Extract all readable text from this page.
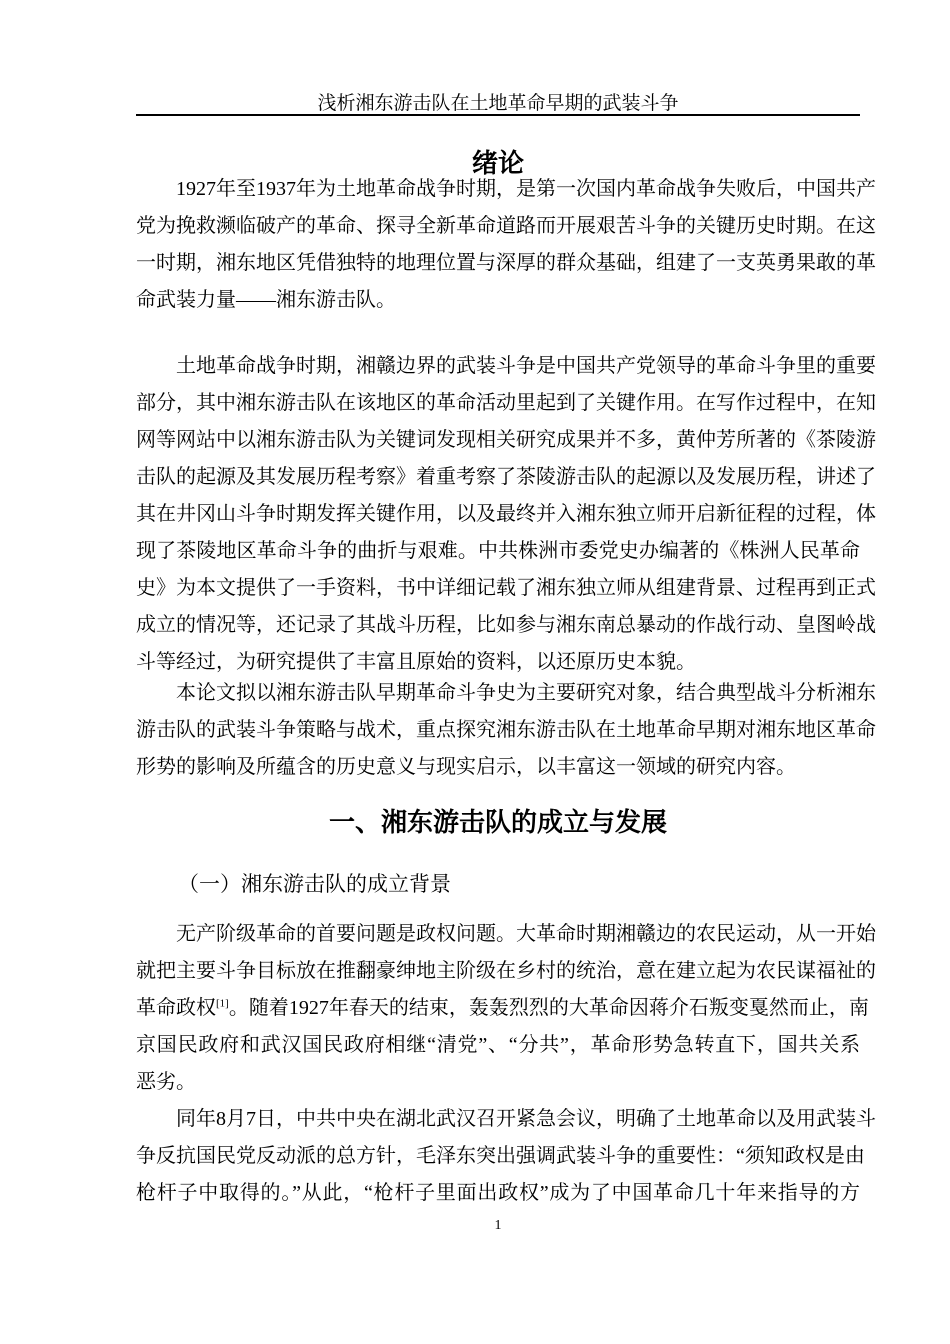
浅析湘东游击队在土地革命早期的武装斗争
绪论
1927年至1937年为土地革命战争时期，是第一次国内革命战争失败后，中国共产
党为挽救濒临破产的革命、探寻全新革命道路而开展艰苦斗争的关键历史时期。在这
一时期，湘东地区凭借独特的地理位置与深厚的群众基础，组建了一支英勇果敢的革
命武装力量——湘东游击队。
土地革命战争时期，湘赣边界的武装斗争是中国共产党领导的革命斗争里的重要
部分，其中湘东游击队在该地区的革命活动里起到了关键作用。在写作过程中，在知
网等网站中以湘东游击队为关键词发现相关研究成果并不多，黄仲芳所著的《茶陵游
击队的起源及其发展历程考察》着重考察了茶陵游击队的起源以及发展历程，讲述了
其在井冈山斗争时期发挥关键作用，以及最终并入湘东独立师开启新征程的过程，体
现了茶陵地区革命斗争的曲折与艰难。中共株洲市委党史办编著的《株洲人民革命
史》为本文提供了一手资料，书中详细记载了湘东独立师从组建背景、过程再到正式
成立的情况等，还记录了其战斗历程，比如参与湘东南总暴动的作战行动、皇图岭战
斗等经过，为研究提供了丰富且原始的资料，以还原历史本貌。
本论文拟以湘东游击队早期革命斗争史为主要研究对象，结合典型战斗分析湘东
游击队的武装斗争策略与战术，重点探究湘东游击队在土地革命早期对湘东地区革命
形势的影响及所蕴含的历史意义与现实启示，以丰富这一领域的研究内容。
一、湘东游击队的成立与发展
（一）湘东游击队的成立背景
无产阶级革命的首要问题是政权问题。大革命时期湘赣边的农民运动，从一开始
就把主要斗争目标放在推翻豪绅地主阶级在乡村的统治，意在建立起为农民谋福祉的
革命政权[1]。随着1927年春天的结束，轰轰烈烈的大革命因蒋介石叛变戛然而止，南
京国民政府和武汉国民政府相继“清党”、“分共”，革命形势急转直下，国共关系
恶劣。
同年8月7日，中共中央在湖北武汉召开紧急会议，明确了土地革命以及用武装斗
争反抗国民党反动派的总方针，毛泽东突出强调武装斗争的重要性：“须知政权是由
枪杆子中取得的。”从此，“枪杆子里面出政权”成为了中国革命几十年来指导的方
1
